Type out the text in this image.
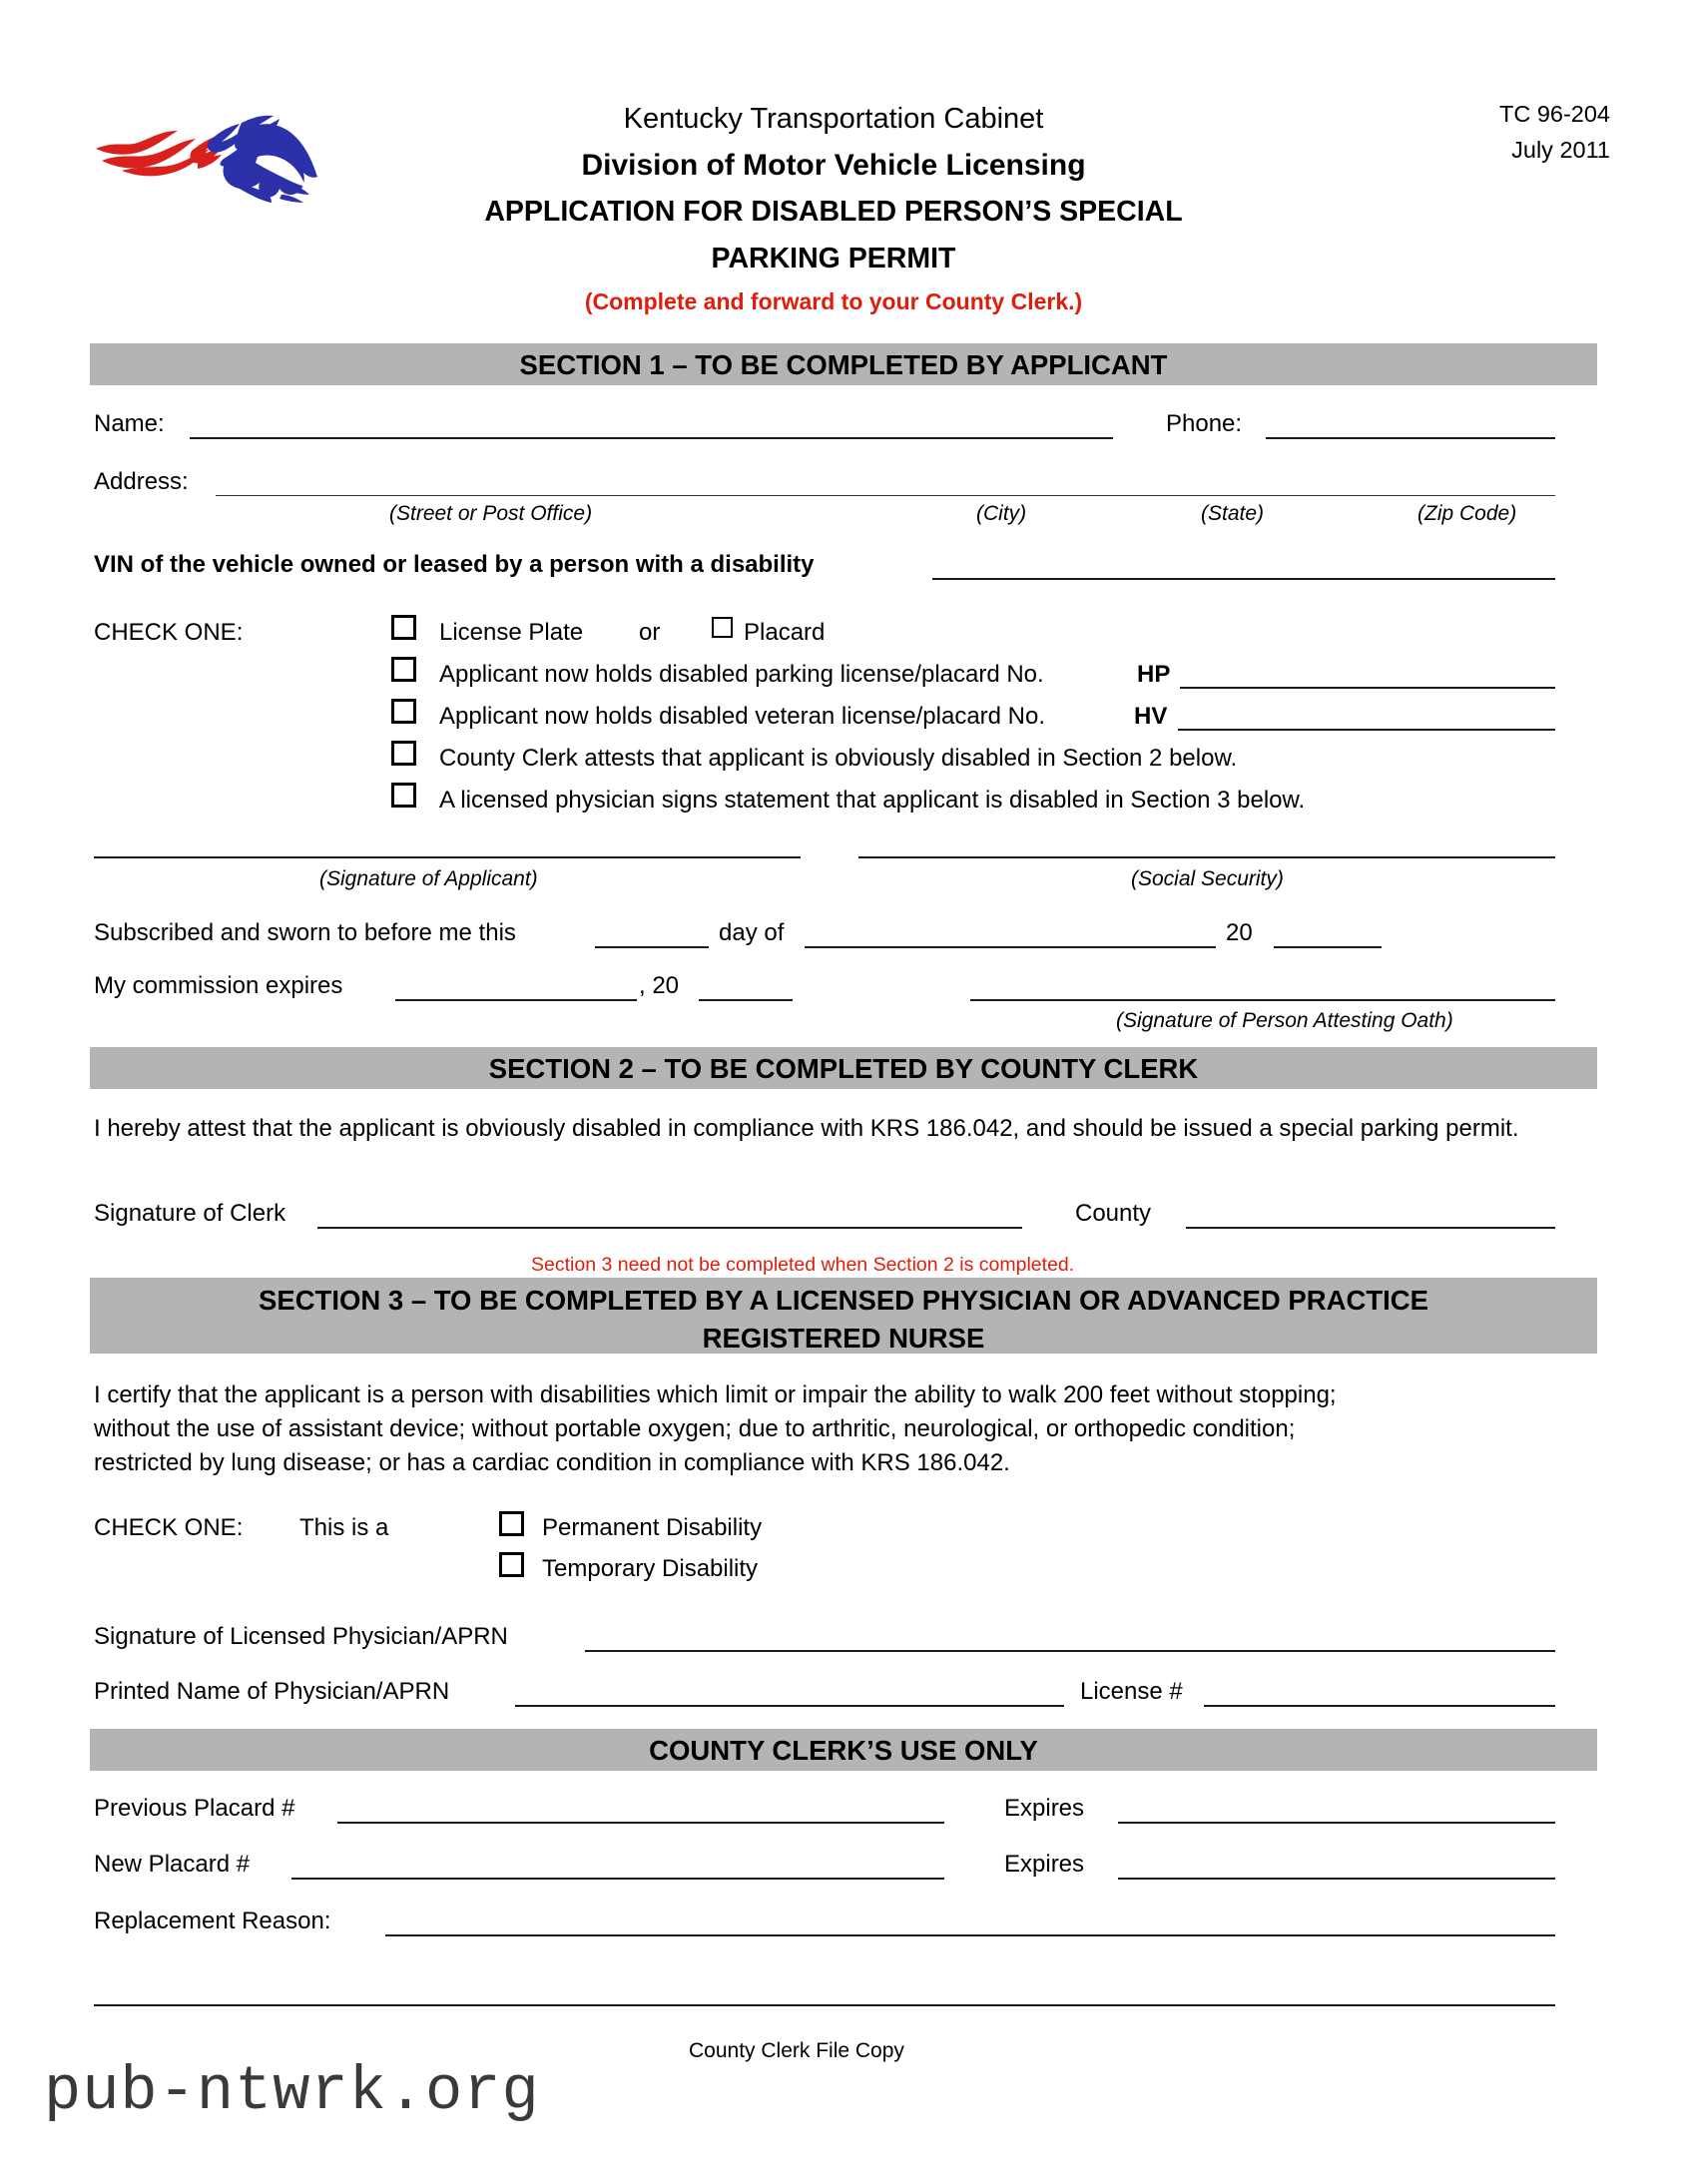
Kentucky Transportation Cabinet
Division of Motor Vehicle Licensing
APPLICATION FOR DISABLED PERSON’S SPECIAL
PARKING PERMIT
(Complete and forward to your County Clerk.)
TC 96-204
July 2011
SECTION 1 – TO BE COMPLETED BY APPLICANT
Name:	Phone:
Address:
(Street or Post Office)	(City)	(State)	(Zip Code)
VIN of the vehicle owned or leased by a person with a disability
CHECK ONE:	License Plate or	Placard
Applicant now holds disabled parking license/placard No.	HP
Applicant now holds disabled veteran license/placard No.	HV
County Clerk attests that applicant is obviously disabled in Section 2 below.
A licensed physician signs statement that applicant is disabled in Section 3 below.
(Signature of Applicant)	(Social Security)
Subscribed and sworn to before me this	day of	20
My commission expires	, 20
(Signature of Person Attesting Oath)
SECTION 2 – TO BE COMPLETED BY COUNTY CLERK
I hereby attest that the applicant is obviously disabled in compliance with KRS 186.042, and should be issued a special parking permit.
Signature of Clerk	County
Section 3 need not be completed when Section 2 is completed.
SECTION 3 – TO BE COMPLETED BY A LICENSED PHYSICIAN OR ADVANCED PRACTICE
REGISTERED NURSE
I certify that the applicant is a person with disabilities which limit or impair the ability to walk 200 feet without stopping;
without the use of assistant device; without portable oxygen; due to arthritic, neurological, or orthopedic condition;
restricted by lung disease; or has a cardiac condition in compliance with KRS 186.042.
CHECK ONE: This is a	Permanent Disability
Temporary Disability
Signature of Licensed Physician/APRN
Printed Name of Physician/APRN	License #
COUNTY CLERK’S USE ONLY
Previous Placard #	Expires
New Placard #	Expires
Replacement Reason:
County Clerk File Copy
pub-ntwrk.org
